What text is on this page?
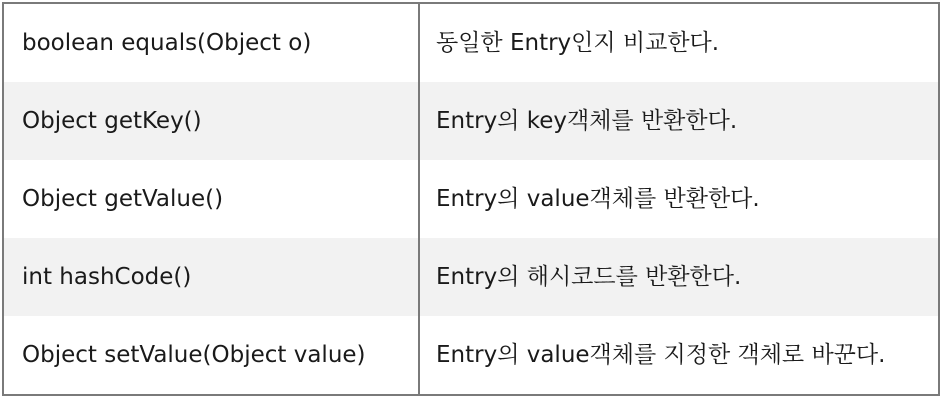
boolean equals(Object o)	동일한 Entry인지 비교한다.
Object getKey()	Entry의 key객체를 반환한다.
Object getValue()	Entry의 value객체를 반환한다.
int hashCode()	Entry의 해시코드를 반환한다.
Object setValue(Object value)	Entry의 value객체를 지정한 객체로 바꾼다.
